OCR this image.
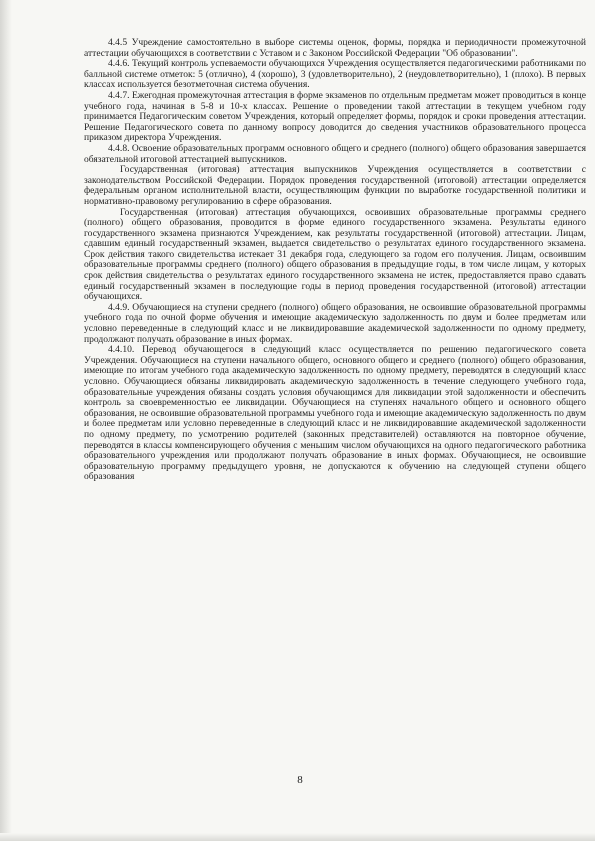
4.4.5 Учреждение самостоятельно в выборе системы оценок, формы, порядка и периодичности промежуточной аттестации обучающихся в соответствии с Уставом и с Законом Российской Федерации "Об образовании".

4.4.6. Текущий контроль успеваемости обучающихся Учреждения осуществляется педагогическими работниками по балльной системе отметок: 5 (отлично), 4 (хорошо), 3 (удовлетворительно), 2 (неудовлетворительно), 1 (плохо). В первых классах используется безотметочная система обучения.

4.4.7. Ежегодная промежуточная аттестация в форме экзаменов по отдельным предметам может проводиться в конце учебного года, начиная в 5-8 и 10-х классах. Решение о проведении такой аттестации в текущем учебном году принимается Педагогическим советом Учреждения, который определяет формы, порядок и сроки проведения аттестации. Решение Педагогического совета по данному вопросу доводится до сведения участников образовательного процесса приказом директора Учреждения.

4.4.8. Освоение образовательных программ основного общего и среднего (полного) общего образования завершается обязательной итоговой аттестацией выпускников.

Государственная (итоговая) аттестация выпускников Учреждения осуществляется в соответствии с законодательством Российской Федерации. Порядок проведения государственной (итоговой) аттестации определяется федеральным органом исполнительной власти, осуществляющим функции по выработке государственной политики и нормативно-правовому регулированию в сфере образования.

Государственная (итоговая) аттестация обучающихся, освоивших образовательные программы среднего (полного) общего образования, проводится в форме единого государственного экзамена. Результаты единого государственного экзамена признаются Учреждением, как результаты государственной (итоговой) аттестации. Лицам, сдавшим единый государственный экзамен, выдается свидетельство о результатах единого государственного экзамена. Срок действия такого свидетельства истекает 31 декабря года, следующего за годом его получения. Лицам, освоившим образовательные программы среднего (полного) общего образования в предыдущие годы, в том числе лицам, у которых срок действия свидетельства о результатах единого государственного экзамена не истек, предоставляется право сдавать единый государственный экзамен в последующие годы в период проведения государственной (итоговой) аттестации обучающихся.

4.4.9. Обучающиеся на ступени среднего (полного) общего образования, не освоившие образовательной программы учебного года по очной форме обучения и имеющие академическую задолженность по двум и более предметам или условно переведенные в следующий класс и не ликвидировавшие академической задолженности по одному предмету, продолжают получать образование в иных формах.

4.4.10. Перевод обучающегося в следующий класс осуществляется по решению педагогического совета Учреждения. Обучающиеся на ступени начального общего, основного общего и среднего (полного) общего образования, имеющие по итогам учебного года академическую задолженность по одному предмету, переводятся в следующий класс условно. Обучающиеся обязаны ликвидировать академическую задолженность в течение следующего учебного года, образовательные учреждения обязаны создать условия обучающимся для ликвидации этой задолженности и обеспечить контроль за своевременностью ее ликвидации. Обучающиеся на ступенях начального общего и основного общего образования, не освоившие образовательной программы учебного года и имеющие академическую задолженность по двум и более предметам или условно переведенные в следующий класс и не ликвидировавшие академической задолженности по одному предмету, по усмотрению родителей (законных представителей) оставляются на повторное обучение, переводятся в классы компенсирующего обучения с меньшим числом обучающихся на одного педагогического работника образовательного учреждения или продолжают получать образование в иных формах. Обучающиеся, не освоившие образовательную программу предыдущего уровня, не допускаются к обучению на следующей ступени общего образования

8
